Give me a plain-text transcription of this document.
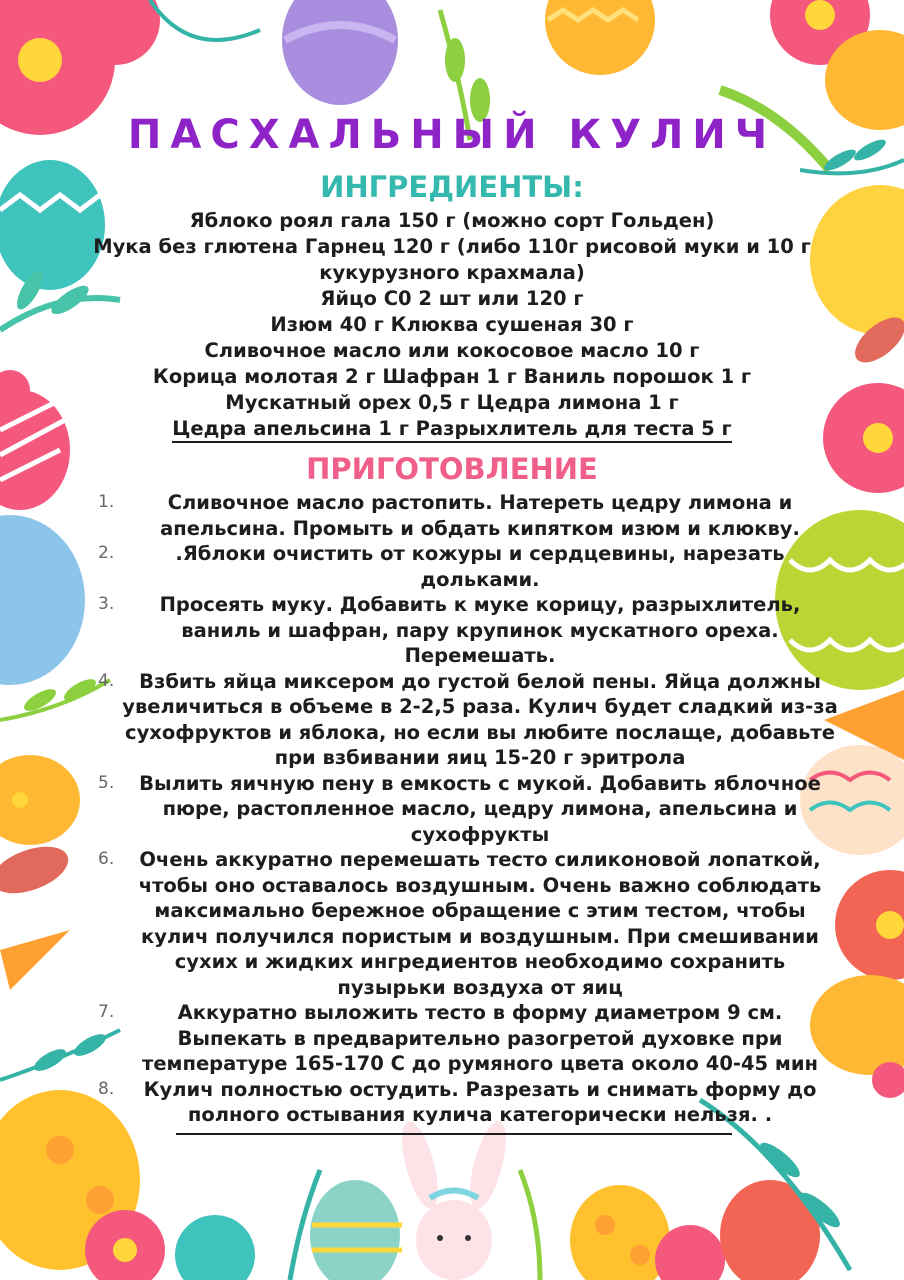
ПАСХАЛЬНЫЙ КУЛИЧ
ИНГРЕДИЕНТЫ:
Яблоко роял гала 150 г (можно сорт Гольден)
Мука без глютена Гарнец 120 г (либо 110г рисовой муки и 10 г кукурузного крахмала)
Яйцо С0 2 шт или 120 г
Изюм 40 г Клюква сушеная 30 г
Сливочное масло или кокосовое масло 10 г
Корица молотая 2 г Шафран 1 г Ваниль порошок 1 г
Мускатный орех 0,5 г Цедра лимона 1 г
Цедра апельсина 1 г Разрыхлитель для теста 5 г
ПРИГОТОВЛЕНИЕ
1.	Сливочное масло растопить. Натереть цедру лимона и апельсина. Промыть и обдать кипятком изюм и клюкву.
2.	.Яблоки очистить от кожуры и сердцевины, нарезать дольками.
3. Просеять муку. Добавить к муке корицу, разрыхлитель, ваниль и шафран, пару крупинок мускатного ореха. Перемешать.
4. Взбить яйца миксером до густой белой пены. Яйца должны увеличиться в объеме в 2-2,5 раза. Кулич будет сладкий из-за сухофруктов и яблока, но если вы любите послаще, добавьте при взбивании яиц 15-20 г эритрола
5. Вылить яичную пену в емкость с мукой. Добавить яблочное пюре, растопленное масло, цедру лимона, апельсина и сухофрукты
6. Очень аккуратно перемешать тесто силиконовой лопаткой, чтобы оно оставалось воздушным. Очень важно соблюдать максимально бережное обращение с этим тестом, чтобы кулич получился пористым и воздушным. При смешивании сухих и жидких ингредиентов необходимо сохранить пузырьки воздуха от яиц
7.	Аккуратно выложить тесто в форму диаметром 9 см. Выпекать в предварительно разогретой духовке при температуре 165-170 С до румяного цвета около 40-45 мин
8. Кулич полностью остудить. Разрезать и снимать форму до полного остывания кулича категорически нельзя. .
